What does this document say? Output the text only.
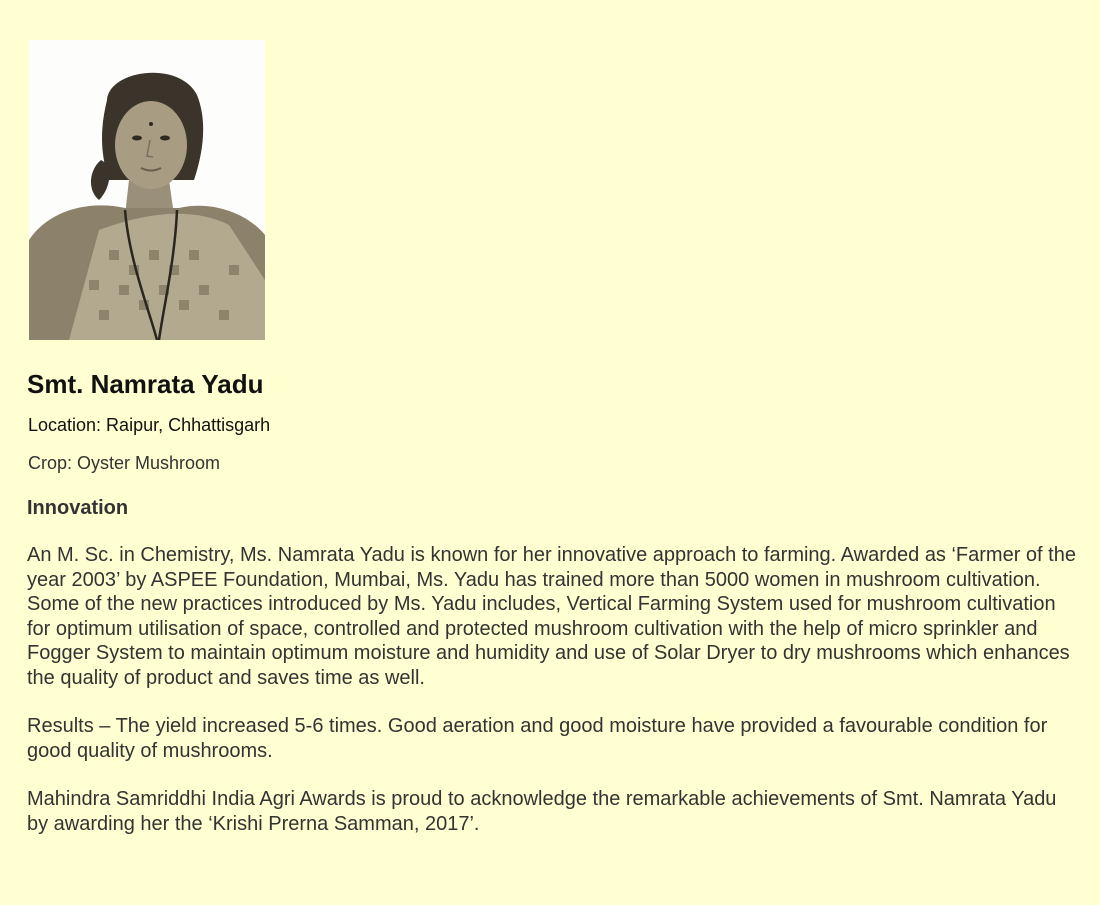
Smt. Namrata Yadu
Location: Raipur, Chhattisgarh
Crop: Oyster Mushroom
Innovation

An M. Sc. in Chemistry, Ms. Namrata Yadu is known for her innovative approach to farming. Awarded as ‘Farmer of the year 2003’ by ASPEE Foundation, Mumbai, Ms. Yadu has trained more than 5000 women in mushroom cultivation. Some of the new practices introduced by Ms. Yadu includes, Vertical Farming System used for mushroom cultivation for optimum utilisation of space, controlled and protected mushroom cultivation with the help of micro sprinkler and Fogger System to maintain optimum moisture and humidity and use of Solar Dryer to dry mushrooms which enhances the quality of product and saves time as well.

Results – The yield increased 5-6 times. Good aeration and good moisture have provided a favourable condition for good quality of mushrooms.

Mahindra Samriddhi India Agri Awards is proud to acknowledge the remarkable achievements of Smt. Namrata Yadu by awarding her the ‘Krishi Prerna Samman, 2017’.
